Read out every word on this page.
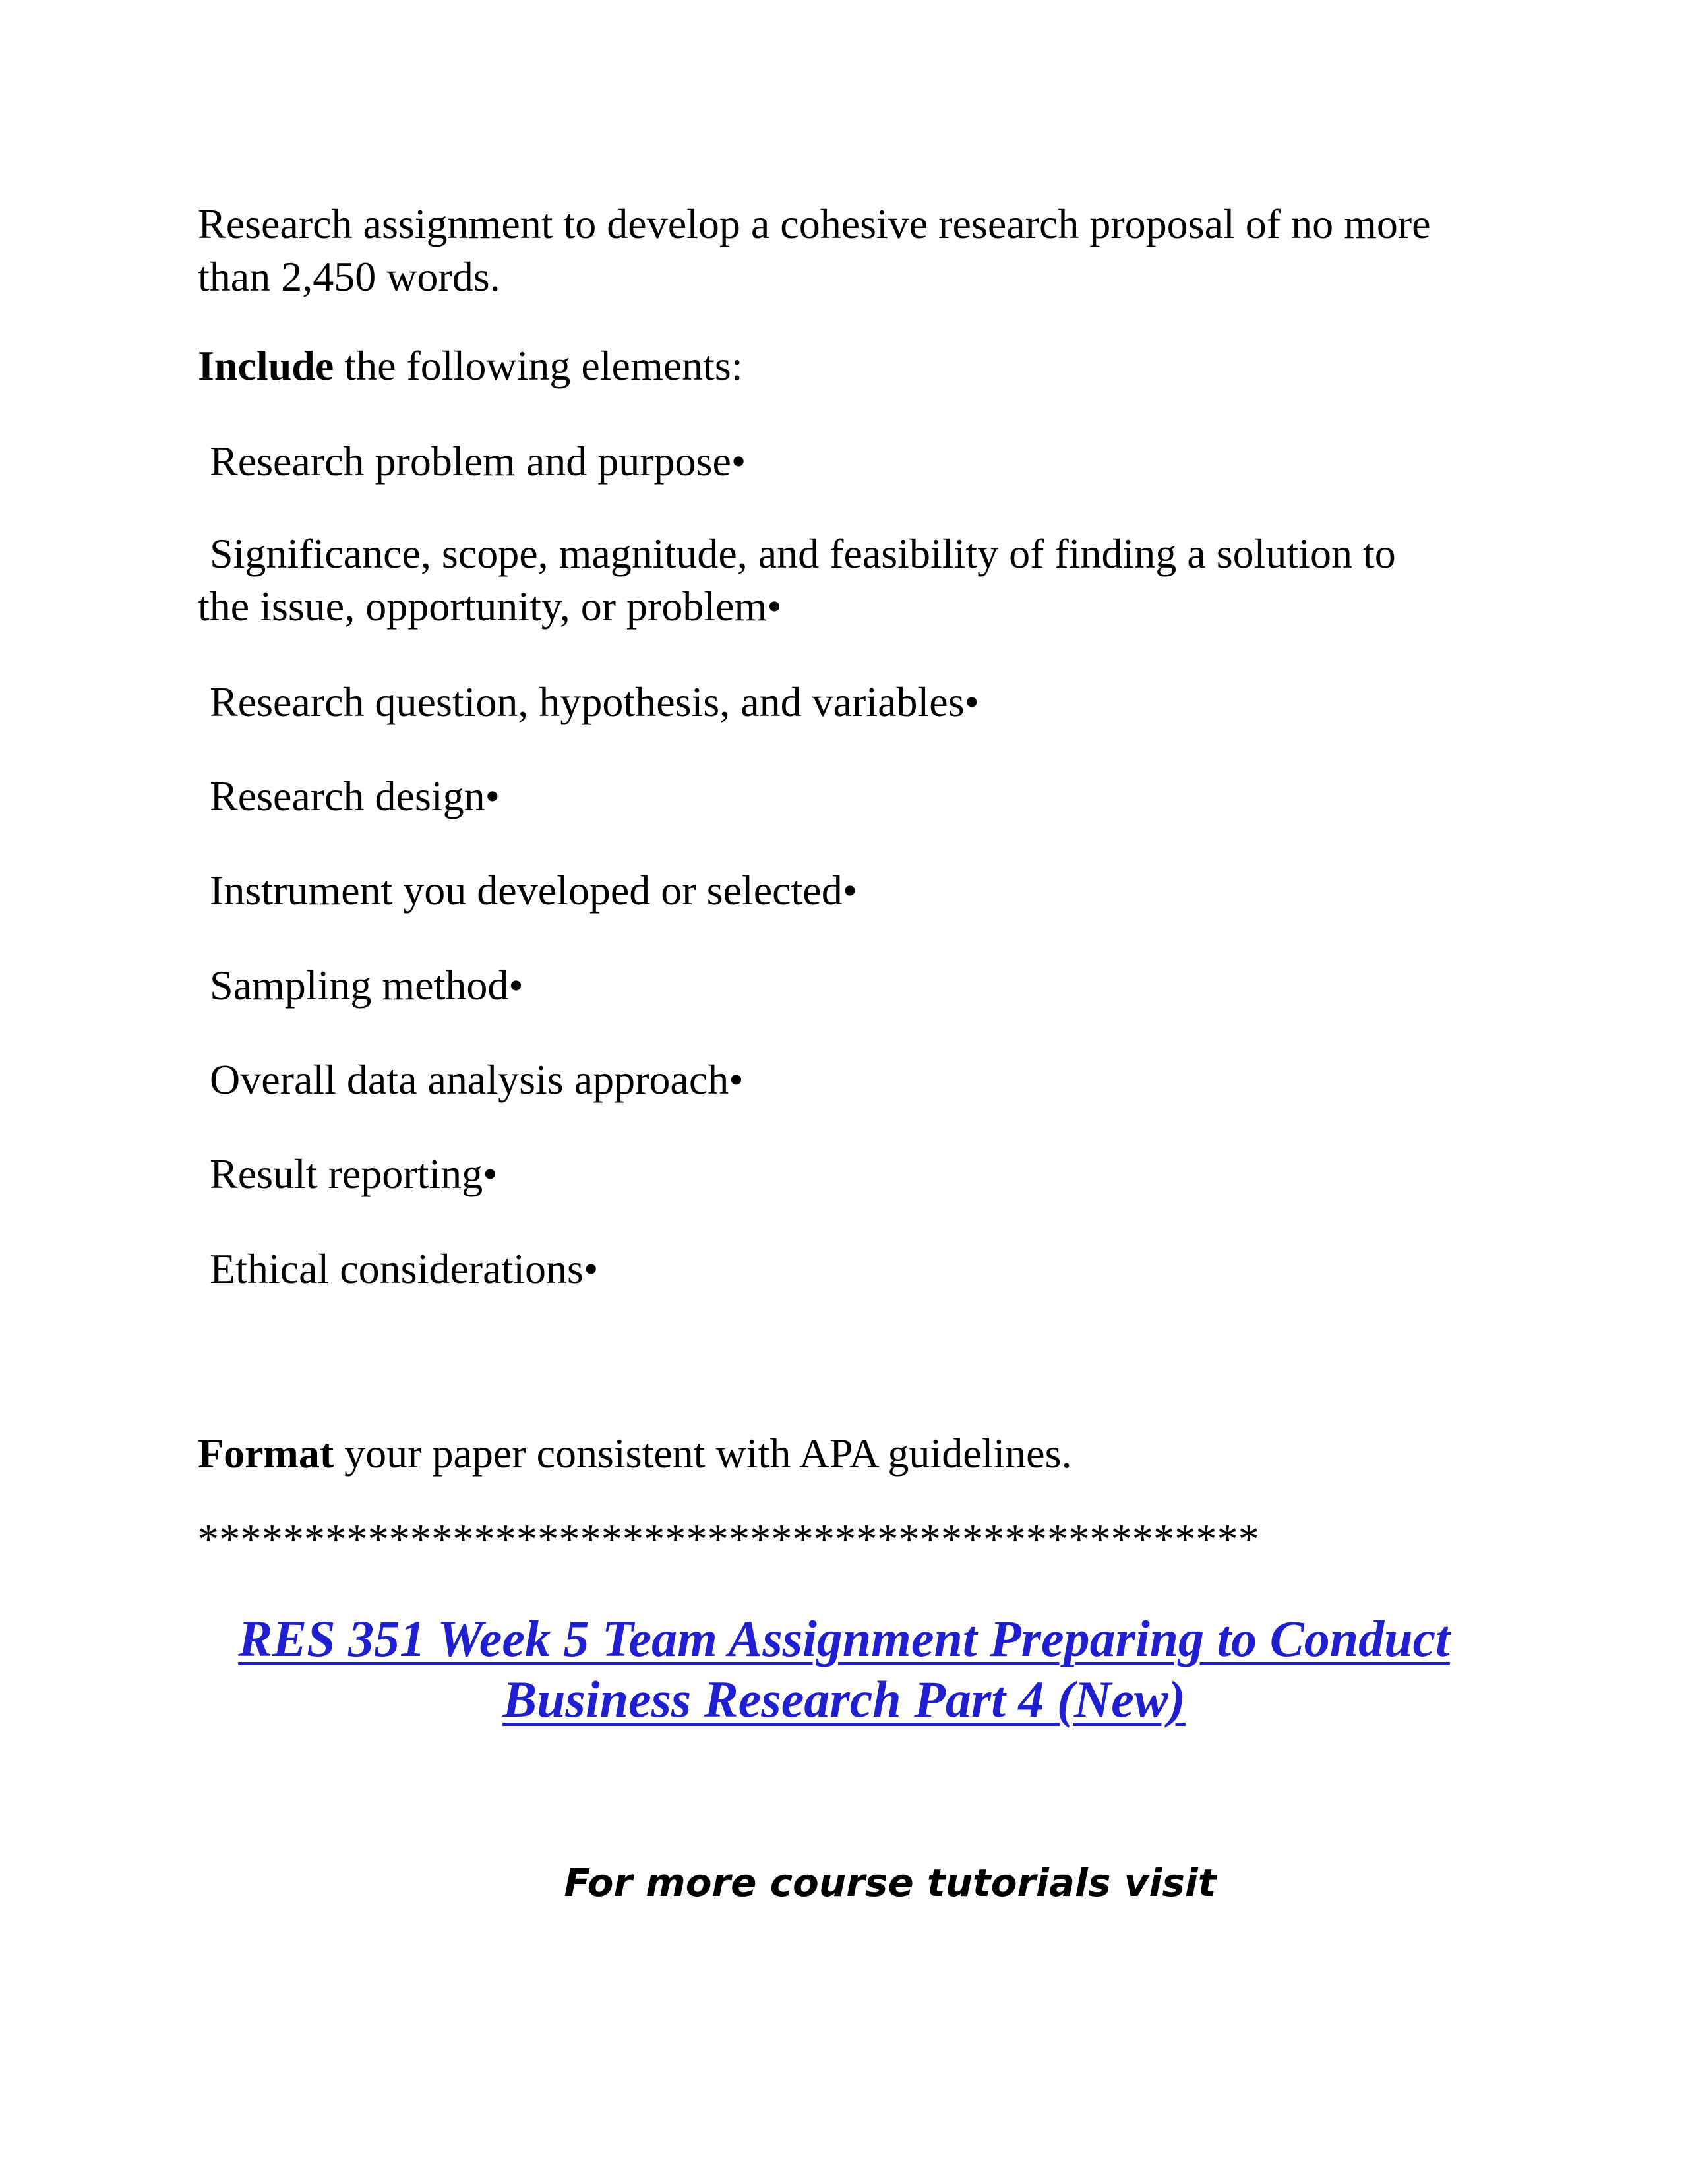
Research assignment to develop a cohesive research proposal of no more
than 2,450 words.

Include the following elements:

Research problem and purpose•

Significance, scope, magnitude, and feasibility of finding a solution to
the issue, opportunity, or problem•

Research question, hypothesis, and variables•

Research design•

Instrument you developed or selected•

Sampling method•

Overall data analysis approach•

Result reporting•

Ethical considerations•

Format your paper consistent with APA guidelines.

**************************************************
RES 351 Week 5 Team Assignment Preparing to Conduct
Business Research Part 4 (New)
For more course tutorials visit
